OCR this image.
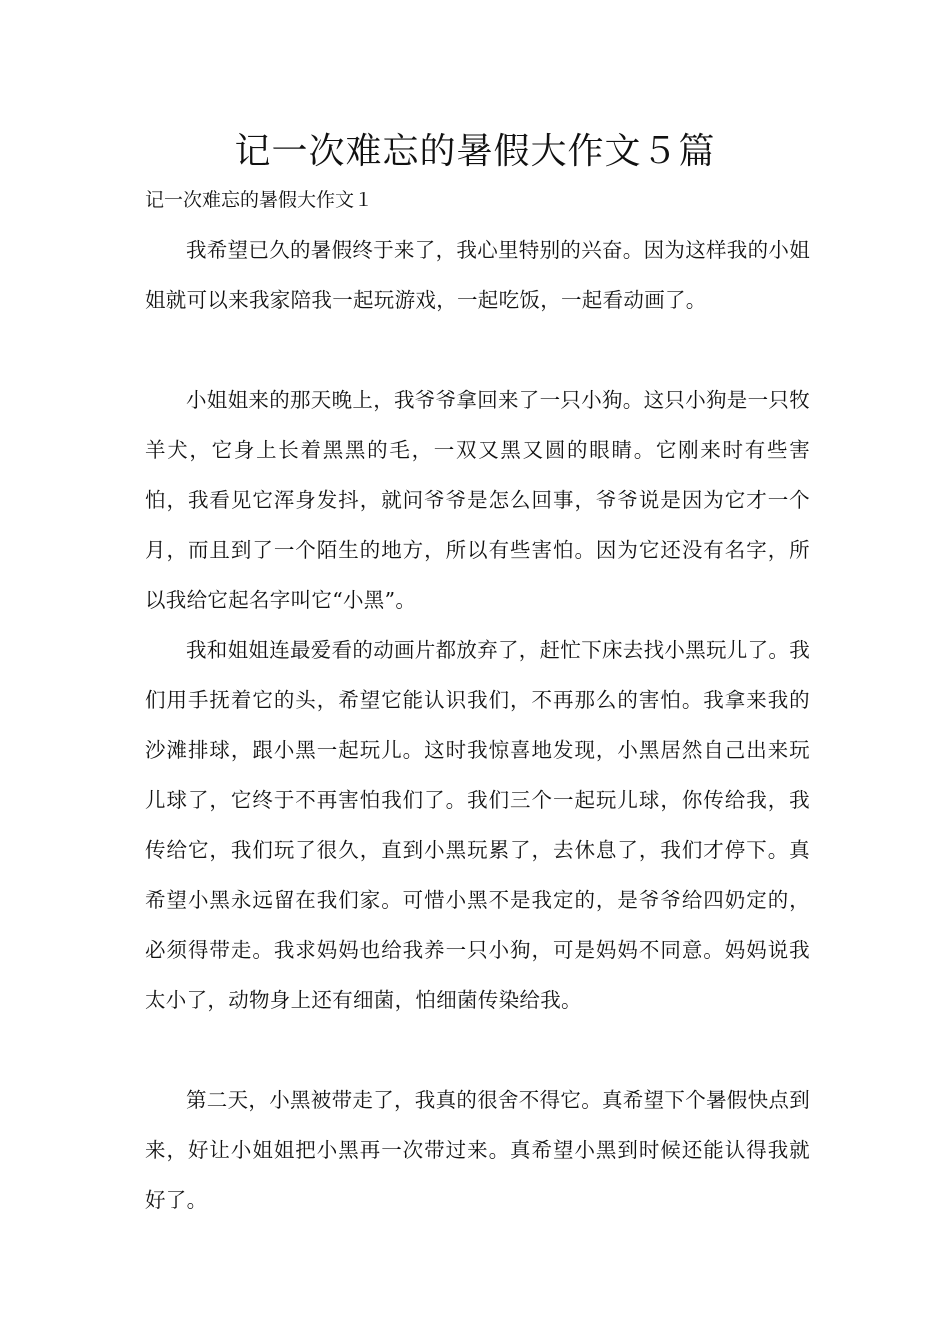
记一次难忘的暑假大作文５篇

记一次难忘的暑假大作文１

我希望已久的暑假终于来了，我心里特别的兴奋。因为这样我的小姐姐就可以来我家陪我一起玩游戏，一起吃饭，一起看动画了。

小姐姐来的那天晚上，我爷爷拿回来了一只小狗。这只小狗是一只牧羊犬，它身上长着黑黑的毛，一双又黑又圆的眼睛。它刚来时有些害怕，我看见它浑身发抖，就问爷爷是怎么回事，爷爷说是因为它才一个月，而且到了一个陌生的地方，所以有些害怕。因为它还没有名字，所以我给它起名字叫它“小黑”。

我和姐姐连最爱看的动画片都放弃了，赶忙下床去找小黑玩儿了。我们用手抚着它的头，希望它能认识我们，不再那么的害怕。我拿来我的沙滩排球，跟小黑一起玩儿。这时我惊喜地发现，小黑居然自己出来玩儿球了，它终于不再害怕我们了。我们三个一起玩儿球，你传给我，我传给它，我们玩了很久，直到小黑玩累了，去休息了，我们才停下。真希望小黑永远留在我们家。可惜小黑不是我定的，是爷爷给四奶定的，必须得带走。我求妈妈也给我养一只小狗，可是妈妈不同意。妈妈说我太小了，动物身上还有细菌，怕细菌传染给我。

第二天，小黑被带走了，我真的很舍不得它。真希望下个暑假快点到来，好让小姐姐把小黑再一次带过来。真希望小黑到时候还能认得我就好了。
